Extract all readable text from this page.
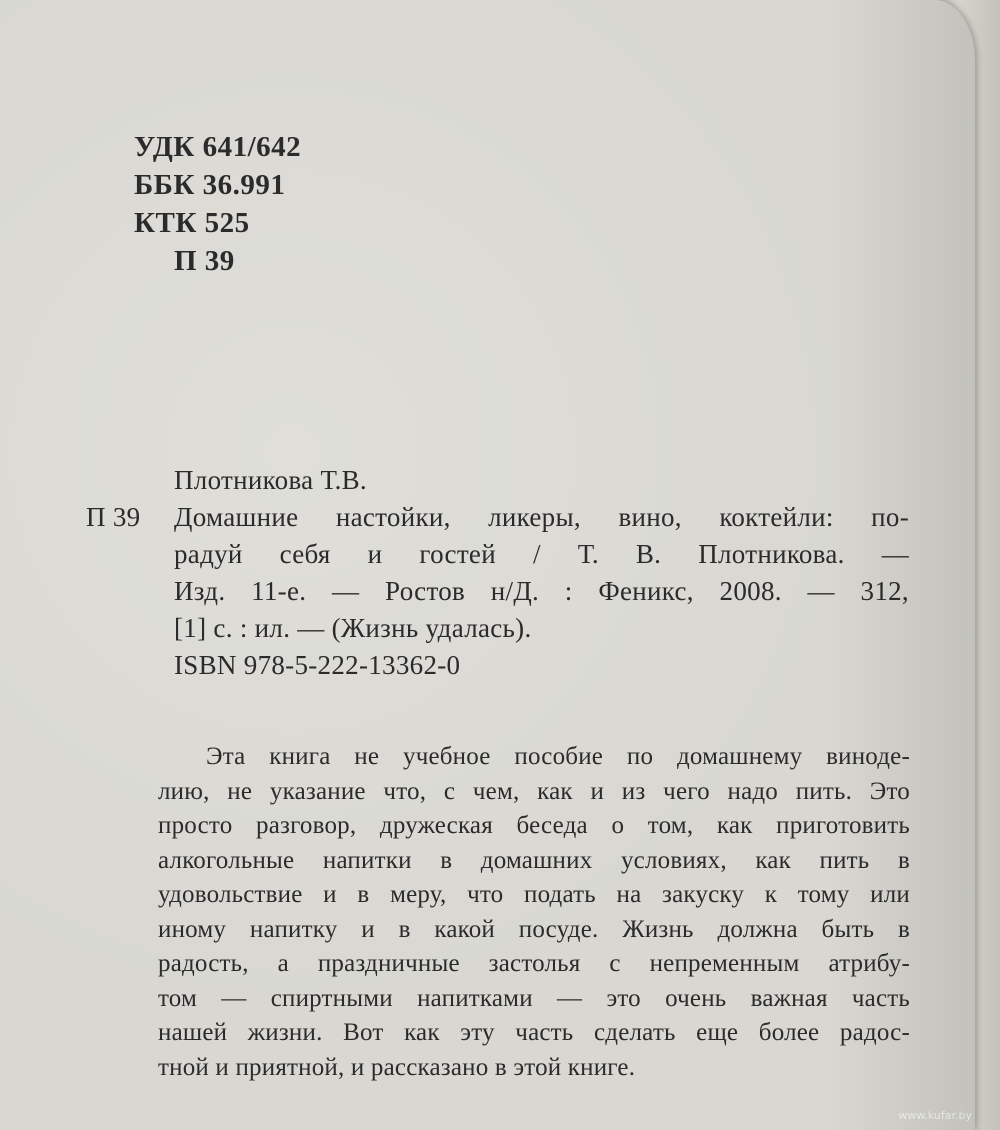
УДК 641/642
ББК 36.991
КТК 525
П 39
Плотникова Т.В.
П 39	Домашние настойки, ликеры, вино, коктейли: по-
радуй себя и гостей / Т. В. Плотникова. —
Изд. 11-е. — Ростов н/Д. : Феникс, 2008. — 312,
[1] с. : ил. — (Жизнь удалась).
ISBN 978-5-222-13362-0
Эта книга не учебное пособие по домашнему виноде-
лию, не указание что, с чем, как и из чего надо пить. Это
просто разговор, дружеская беседа о том, как приготовить
алкогольные напитки в домашних условиях, как пить в
удовольствие и в меру, что подать на закуску к тому или
иному напитку и в какой посуде. Жизнь должна быть в
радость, а праздничные застолья с непременным атрибу-
том — спиртными напитками — это очень важная часть
нашей жизни. Вот как эту часть сделать еще более радос-
тной и приятной, и рассказано в этой книге.
www.kufar.by
